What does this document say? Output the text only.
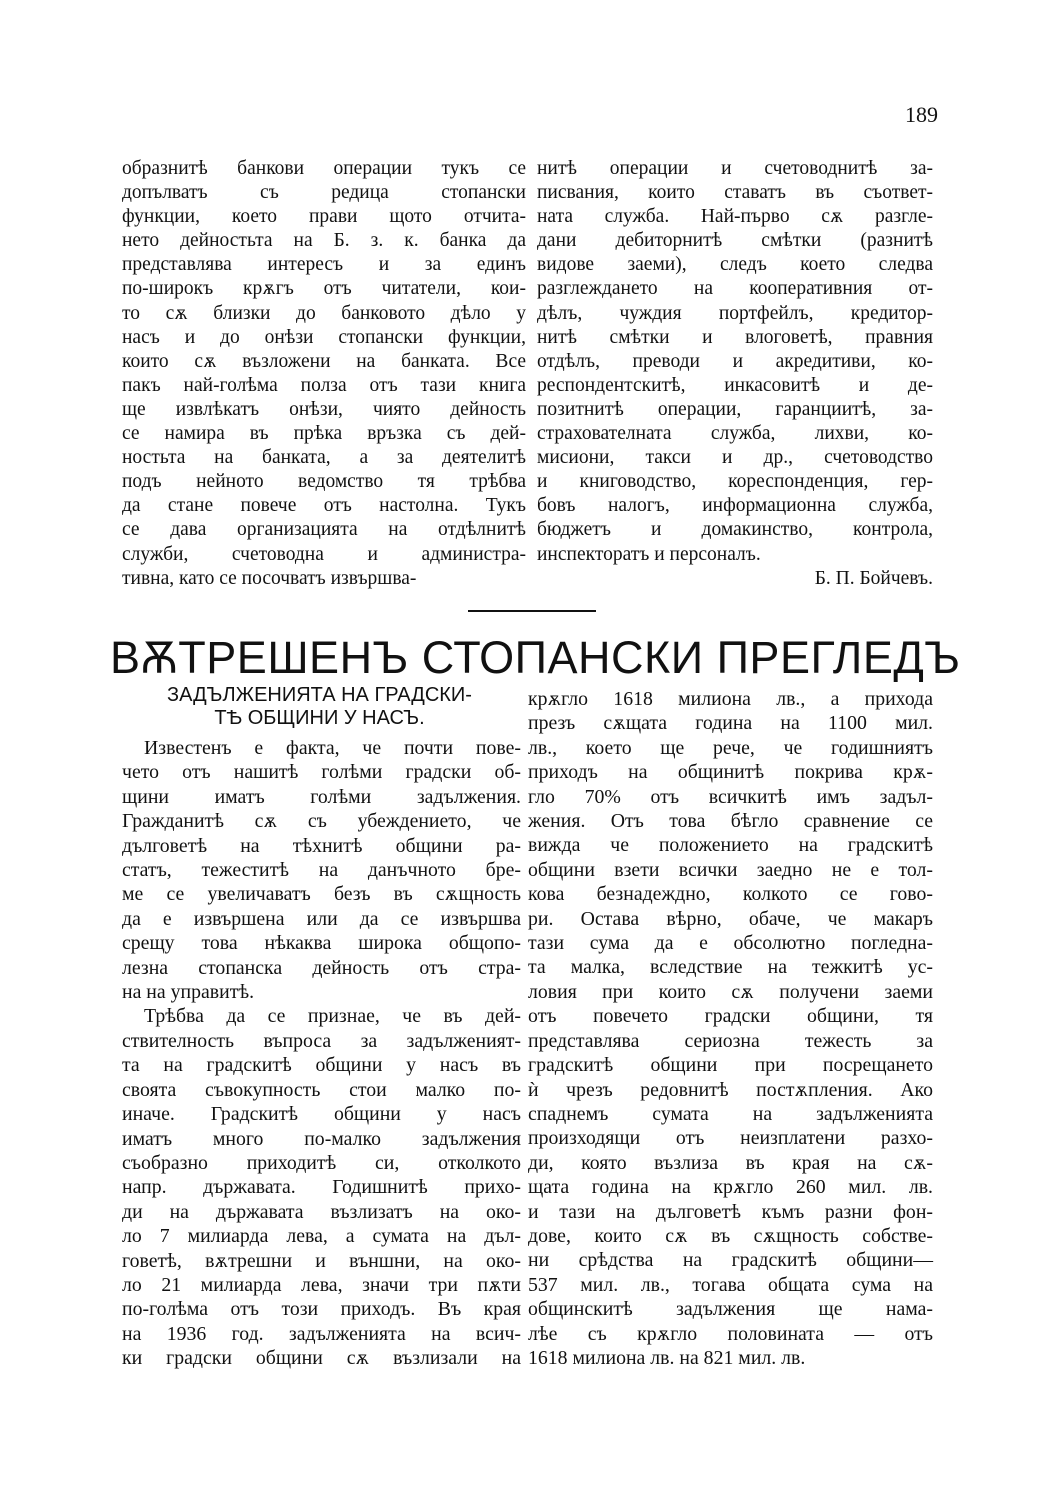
189
образнитѣ банкови операции тукъ се
допълватъ съ редица стопански
функции, което прави щото отчита-
нето дейностьта на Б. з. к. банка да
представлява интересъ и за единъ
по-широкъ крѫгъ отъ читатели, кои-
то сѫ близки до банковото дѣло у
насъ и до онѣзи стопански функции,
които сѫ възложени на банката. Все
пакъ най-голѣма полза отъ тази книга
ще извлѣкатъ онѣзи, чиято дейность
се намира въ прѣка връзка съ дей-
ностьта на банката, а за деятелитѣ
подъ нейното ведомство тя трѣбва
да стане повече отъ настолна. Тукъ
се дава организацията на отдѣлнитѣ
служби, счетоводна и администра-
тивна, като се посочватъ извършва-
нитѣ операции и счетоводнитѣ за-
писвания, които ставатъ въ съответ-
ната служба. Най-първо сѫ разгле-
дани дебиторнитѣ смѣтки (разнитѣ
видове заеми), следъ което следва
разглеждането на кооперативния от-
дѣлъ, чуждия портфейлъ, кредитор-
нитѣ смѣтки и влоговетѣ, правния
отдѣлъ, преводи и акредитиви, ко-
респондентскитѣ, инкасовитѣ и де-
позитнитѣ операции, гаранциитѣ, за-
страхователната служба, лихви, ко-
мисиони, такси и др., счетоводство
и книговодство, кореспонденция, гер-
бовъ налогъ, информационна служба,
бюджетъ и домакинство, контрола,
инспекторатъ и персоналъ.
Б. П. Бойчевъ.
ВѪТРЕШЕНЪ СТОПАНСКИ ПРЕГЛЕДЪ
ЗАДЪЛЖЕНИЯТА НА ГРАДСКИ-
ТѢ ОБЩИНИ У НАСЪ.
Известенъ е факта, че почти пове-
чето отъ нашитѣ голѣми градски об-
щини иматъ голѣми задължения.
Гражданитѣ сѫ съ убеждението, че
дълговетѣ на тѣхнитѣ общини ра-
статъ, тежеститѣ на данъчното бре-
ме се увеличаватъ безъ въ сѫщность
да е извършена или да се извършва
срещу това нѣкаква широка общопо-
лезна стопанска дейность отъ стра-
на на управитѣ.
Трѣбва да се признае, че въ дей-
ствителность въпроса за задълженият-
та на градскитѣ общини у насъ въ
своята съвокупность стои малко по-
иначе. Градскитѣ общини у насъ
иматъ много по-малко задължения
съобразно приходитѣ си, отколкото
напр. държавата. Годишнитѣ прихо-
ди на държавата възлизатъ на око-
ло 7 милиарда лева, а сумата на дъл-
говетѣ, вѫтрешни и външни, на око-
ло 21 милиарда лева, значи три пѫти
по-голѣма отъ този приходъ. Въ края
на 1936 год. задълженията на всич-
ки градски общини сѫ възлизали на
крѫгло 1618 милиона лв., а прихода
презъ сѫщата година на 1100 мил.
лв., което ще рече, че годишниятъ
приходъ на общинитѣ покрива крѫ-
гло 70% отъ всичкитѣ имъ задъл-
жения. Отъ това бѣгло сравнение се
вижда че положението на градскитѣ
общини взети всички заедно не е тол-
кова безнадеждно, колкото се гово-
ри. Остава вѣрно, обаче, че макаръ
тази сума да е обсолютно погледна-
та малка, вследствие на тежкитѣ ус-
ловия при които сѫ получени заеми
отъ повечето градски общини, тя
представлява сериозна тежесть за
градскитѣ общини при посрещането
ѝ чрезъ редовнитѣ постѫпления. Ако
спаднемъ сумата на задълженията
произходящи отъ неизплатени разхо-
ди, която възлиза въ края на сѫ-
щата година на крѫгло 260 мил. лв.
и тази на дълговетѣ къмъ разни фон-
дове, които сѫ въ сѫщность собстве-
ни срѣдства на градскитѣ общини—
537 мил. лв., тогава общата сума на
общинскитѣ задължения ще нама-
лѣе съ крѫгло половината — отъ
1618 милиона лв. на 821 мил. лв.
